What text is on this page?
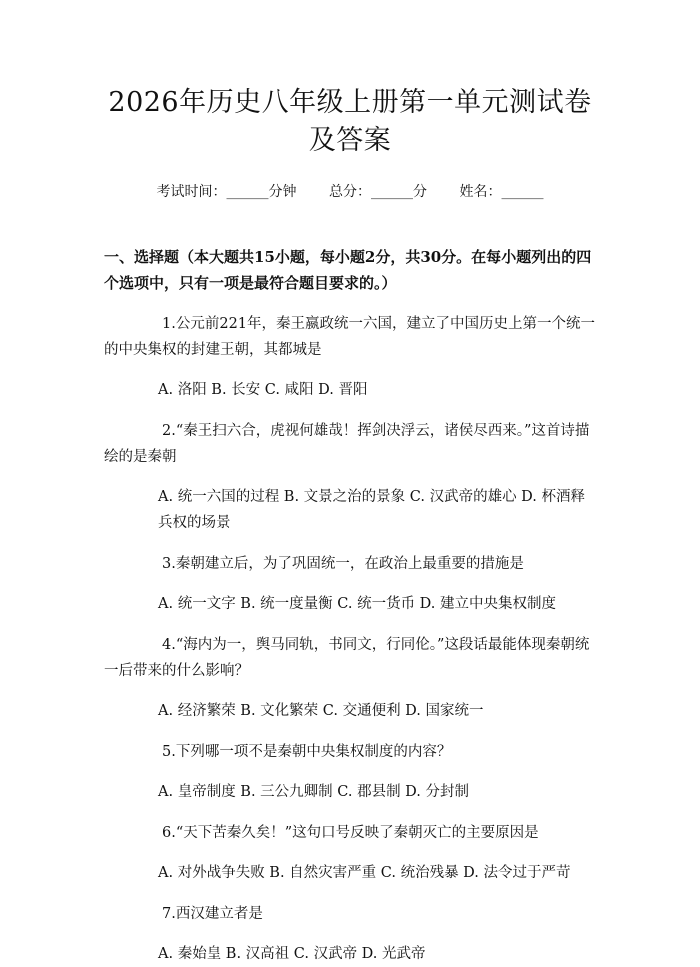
2026年历史八年级上册第一单元测试卷及答案
考试时间：______分钟 总分：______分 姓名：______
一、选择题（本大题共15小题，每小题2分，共30分。在每小题列出的四个选项中，只有一项是最符合题目要求的。）
1.公元前221年，秦王嬴政统一六国，建立了中国历史上第一个统一的中央集权的封建王朝，其都城是
A. 洛阳 B. 长安 C. 咸阳 D. 晋阳
2.“秦王扫六合，虎视何雄哉！挥剑决浮云，诸侯尽西来。”这首诗描绘的是秦朝
A. 统一六国的过程 B. 文景之治的景象 C. 汉武帝的雄心 D. 杯酒释兵权的场景
3.秦朝建立后，为了巩固统一，在政治上最重要的措施是
A. 统一文字 B. 统一度量衡 C. 统一货币 D. 建立中央集权制度
4.“海内为一，舆马同轨，书同文，行同伦。”这段话最能体现秦朝统一后带来的什么影响？
A. 经济繁荣 B. 文化繁荣 C. 交通便利 D. 国家统一
5.下列哪一项不是秦朝中央集权制度的内容？
A. 皇帝制度 B. 三公九卿制 C. 郡县制 D. 分封制
6.“天下苦秦久矣！”这句口号反映了秦朝灭亡的主要原因是
A. 对外战争失败 B. 自然灾害严重 C. 统治残暴 D. 法令过于严苛
7.西汉建立者是
A. 秦始皇 B. 汉高祖 C. 汉武帝 D. 光武帝
